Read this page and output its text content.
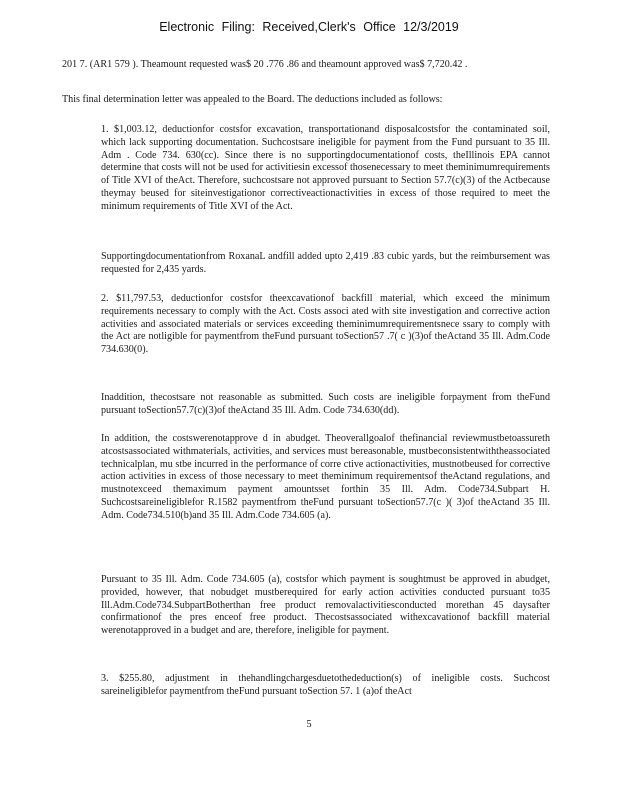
Electronic Filing: Received,Clerk's Office 12/3/2019

201 7. (AR1 579 ). Theamount requested was$ 20 .776 .86 and theamount approved was$ 7,720.42 .

This final determination letter was appealed to the Board. The deductions included as follows:

1. $1,003.12, deductionfor costsfor excavation, transportationand disposalcostsfor the contaminated soil, which lack supporting documentation. Suchcostsare ineligible for payment from the Fund pursuant to 35 Ill. Adm . Code 734. 630(cc). Since there is no supportingdocumentationof costs, theIllinois EPA cannot determine that costs will not be used for activitiesin excessof thosenecessary to meet theminimumrequirements of Title XVI of theAct. Therefore, suchcostsare not approved pursuant to Section 57.7(c)(3) of the Actbecause theymay beused for siteinvestigationor correctiveactionactivities in excess of those required to meet the minimum requirements of Title XVI of the Act.

Supportingdocumentationfrom RoxanaL andfill added upto 2,419 .83 cubic yards, but the reimbursement was requested for 2,435 yards.

2. $11,797.53, deductionfor costsfor theexcavationof backfill material, which exceed the minimum requirements necessary to comply with the Act. Costs associ ated with site investigation and corrective action activities and associated materials or services exceeding theminimumrequirementsnece ssary to comply with the Act are notligible for paymentfrom theFund pursuant toSection57 .7( c )(3)of theActand 35 Ill. Adm.Code 734.630(0).

Inaddition, thecostsare not reasonable as submitted. Such costs are ineligible forpayment from theFund pursuant toSection57.7(c)(3)of theActand 35 Ill. Adm. Code 734.630(dd).

In addition, the costswerenotapprove d in abudget. Theoverallgoalof thefinancial reviewmustbetoassureth atcostsassociated withmaterials, activities, and services must bereasonable, mustbeconsistentwiththeassociated technicalplan, mu stbe incurred in the performance of corre ctive actionactivities, mustnotbeused for corrective action activities in excess of those necessary to meet theminimum requirementsof theActand regulations, and mustnotexceed themaximum payment amountsset forthin 35 Ill. Adm. Code734.Subpart H. Suchcostsareineligiblefor R.1582 paymentfrom theFund pursuant toSection57.7(c )( 3)of theActand 35 Ill. Adm. Code734.510(b)and 35 Ill. Adm.Code 734.605 (a).

Pursuant to 35 Ill. Adm. Code 734.605 (a), costsfor which payment is soughtmust be approved in abudget, provided, however, that nobudget mustberequired for early action activities conducted pursuant to35 Ill.Adm.Code734.SubpartBotherthan free product removalactivitiesconducted morethan 45 daysafter confirmationof the pres enceof free product. Thecostsassociated withexcavationof backfill material werenotapproved in a budget and are, therefore, ineligible for payment.

3. $255.80, adjustment in thehandlingchargesduetothededuction(s) of ineligible costs. Suchcost sareineligiblefor paymentfrom theFund pursuant toSection 57. 1 (a)of theAct

5
